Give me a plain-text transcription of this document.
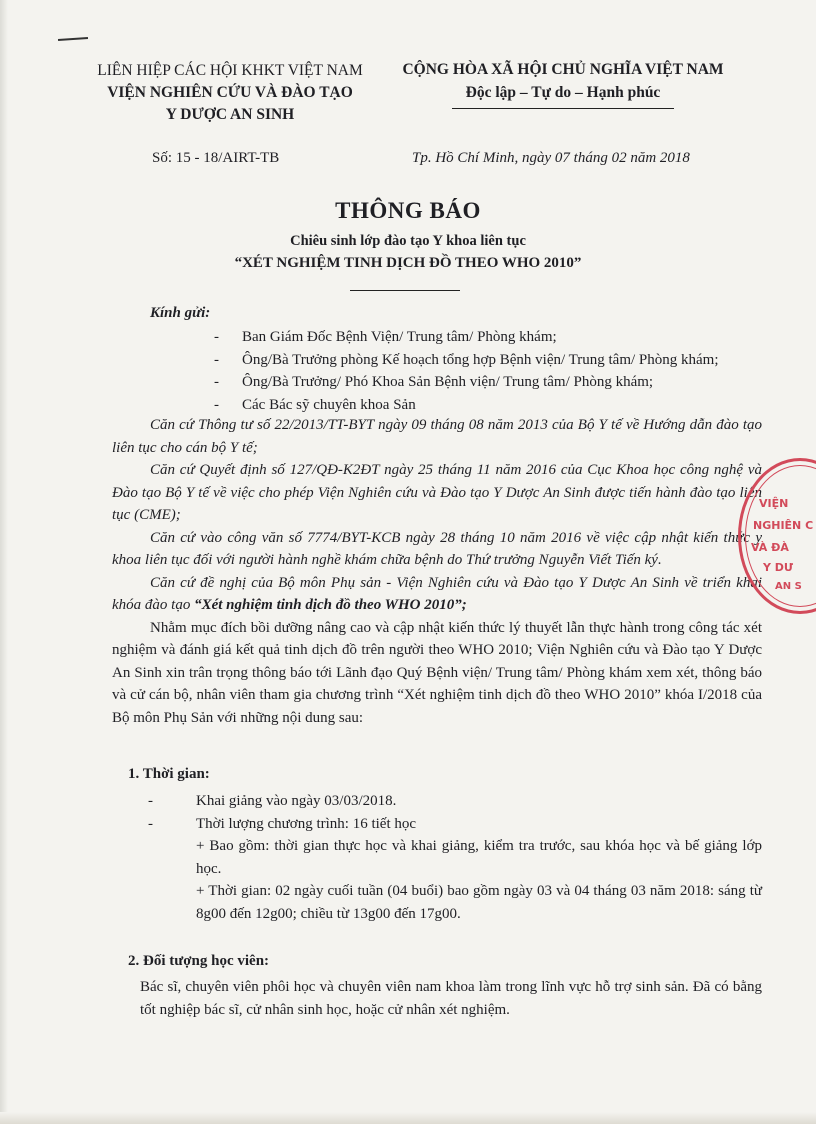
LIÊN HIỆP CÁC HỘI KHKT VIỆT NAM
VIỆN NGHIÊN CỨU VÀ ĐÀO TẠO
Y DƯỢC AN SINH
CỘNG HÒA XÃ HỘI CHỦ NGHĨA VIỆT NAM
Độc lập – Tự do – Hạnh phúc
Số: 15 - 18/AIRT-TB	Tp. Hồ Chí Minh, ngày 07 tháng 02 năm 2018
THÔNG BÁO
Chiêu sinh lớp đào tạo Y khoa liên tục
“XÉT NGHIỆM TINH DỊCH ĐỒ THEO WHO 2010”
Kính gửi:
-	Ban Giám Đốc Bệnh Viện/ Trung tâm/ Phòng khám;
-	Ông/Bà Trưởng phòng Kế hoạch tổng hợp Bệnh viện/ Trung tâm/ Phòng khám;
-	Ông/Bà Trưởng/ Phó Khoa Sản Bệnh viện/ Trung tâm/ Phòng khám;
-	Các Bác sỹ chuyên khoa Sản

Căn cứ Thông tư số 22/2013/TT-BYT ngày 09 tháng 08 năm 2013 của Bộ Y tế về Hướng dẫn đào tạo liên tục cho cán bộ Y tế;

Căn cứ Quyết định số 127/QĐ-K2ĐT ngày 25 tháng 11 năm 2016 của Cục Khoa học công nghệ và Đào tạo Bộ Y tế về việc cho phép Viện Nghiên cứu và Đào tạo Y Dược An Sinh được tiến hành đào tạo liên tục (CME);

Căn cứ vào công văn số 7774/BYT-KCB ngày 28 tháng 10 năm 2016 về việc cập nhật kiến thức y khoa liên tục đối với người hành nghề khám chữa bệnh do Thứ trưởng Nguyễn Viết Tiến ký.

Căn cứ đề nghị của Bộ môn Phụ sản - Viện Nghiên cứu và Đào tạo Y Dược An Sinh về triển khai khóa đào tạo “Xét nghiệm tinh dịch đồ theo WHO 2010”;

Nhằm mục đích bồi dưỡng nâng cao và cập nhật kiến thức lý thuyết lẫn thực hành trong công tác xét nghiệm và đánh giá kết quả tinh dịch đồ trên người theo WHO 2010; Viện Nghiên cứu và Đào tạo Y Dược An Sinh xin trân trọng thông báo tới Lãnh đạo Quý Bệnh viện/ Trung tâm/ Phòng khám xem xét, thông báo và cử cán bộ, nhân viên tham gia chương trình “Xét nghiệm tinh dịch đồ theo WHO 2010” khóa I/2018 của Bộ môn Phụ Sản với những nội dung sau:

1. Thời gian:

-	Khai giảng vào ngày 03/03/2018.

-	Thời lượng chương trình: 16 tiết học

+ Bao gồm: thời gian thực học và khai giảng, kiểm tra trước, sau khóa học và bế giảng lớp học.

+ Thời gian: 02 ngày cuối tuần (04 buổi) bao gồm ngày 03 và 04 tháng 03 năm 2018: sáng từ 8g00 đến 12g00; chiều từ 13g00 đến 17g00.

2. Đối tượng học viên:

Bác sĩ, chuyên viên phôi học và chuyên viên nam khoa làm trong lĩnh vực hỗ trợ sinh sản. Đã có bằng tốt nghiệp bác sĩ, cử nhân sinh học, hoặc cử nhân xét nghiệm.

VIỆN
NGHIÊN C
VÀ ĐÀ
Y DƯ
AN S
